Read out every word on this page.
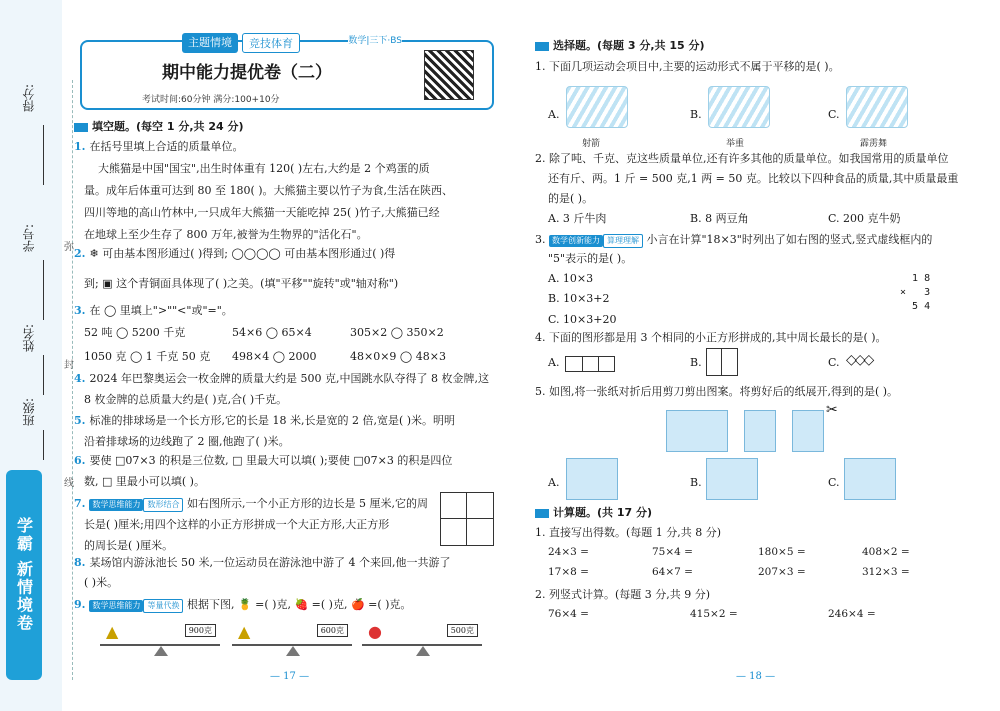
得分:
学号:
姓名:
班级:
弥
封
线
学霸 新情境卷
主题情境	竞技体育	数学|三下·BS
期中能力提优卷（二）
考试时间:60分钟 满分:100+10分
填空题。(每空 1 分,共 24 分)
1. 在括号里填上合适的质量单位。
大熊猫是中国"国宝",出生时体重有 120( )左右,大约是 2 个鸡蛋的质
量。成年后体重可达到 80 至 180( )。大熊猫主要以竹子为食,生活在陕西、
四川等地的高山竹林中,一只成年大熊猫一天能吃掉 25( )竹子,大熊猫已经
在地球上至少生存了 800 万年,被誉为生物界的"活化石"。
2. ❄ 可由基本图形通过( )得到; ◯◯◯◯ 可由基本图形通过( )得
到; ▣ 这个青铜面具体现了( )之美。(填"平移""旋转"或"轴对称")
3. 在 ◯ 里填上">""<"或"="。
52 吨 ◯ 5200 千克	54×6 ◯ 65×4	305×2 ◯ 350×2
1050 克 ◯ 1 千克 50 克 498×4 ◯ 2000	48×0×9 ◯ 48×3
4. 2024 年巴黎奥运会一枚金牌的质量大约是 500 克,中国跳水队夺得了 8 枚金牌,这
8 枚金牌的总质量大约是( )克,合( )千克。
5. 标准的排球场是一个长方形,它的长是 18 米,长是宽的 2 倍,宽是( )米。明明
沿着排球场的边线跑了 2 圈,他跑了( )米。
6. 要使 □07×3 的积是三位数, □ 里最大可以填( );要使 □07×3 的积是四位
数, □ 里最小可以填( )。
7. 数学思维能力 数形结合 如右图所示,一个小正方形的边长是 5 厘米,它的周
长是( )厘米;用四个这样的小正方形拼成一个大正方形,大正方形
的周长是( )厘米。
8. 某场馆内游泳池长 50 米,一位运动员在游泳池中游了 4 个来回,他一共游了
( )米。
9. 数学思维能力 等量代换 根据下图, 🍍 =( )克, 🍓 =( )克, 🍎 =( )克。
▲	900克 ▲	600克 ●	500克
— 17 —
选择题。(每题 3 分,共 15 分)
1. 下面几项运动会项目中,主要的运动形式不属于平移的是( )。
A.
射箭
B.
举重
C.
霹雳舞
2. 除了吨、千克、克这些质量单位,还有许多其他的质量单位。如我国常用的质量单位
还有斤、两。1 斤 = 500 克,1 两 = 50 克。比较以下四种食品的质量,其中质量最重
的是( )。
A. 3 斤牛肉	B. 8 两豆角	C. 200 克牛奶
3. 数学创新能力 算理理解 小言在计算"18×3"时列出了如右图的竖式,竖式虚线框内的
"5"表示的是( )。
A. 10×3
B. 10×3+2
C. 10×3+20
1 8
×   3
5 4
4. 下面的图形都是用 3 个相同的小正方形拼成的,其中周长最长的是( )。
A.	B.	C. ◇◇◇
5. 如图,将一张纸对折后用剪刀剪出图案。将剪好后的纸展开,得到的是( )。
✂
A.	B.	C.
计算题。(共 17 分)
1. 直接写出得数。(每题 1 分,共 8 分)
24×3 =	75×4 =	180×5 =	408×2 =
17×8 =	64×7 =	207×3 =	312×3 =
2. 列竖式计算。(每题 3 分,共 9 分)
76×4 =	415×2 =	246×4 =
— 18 —
